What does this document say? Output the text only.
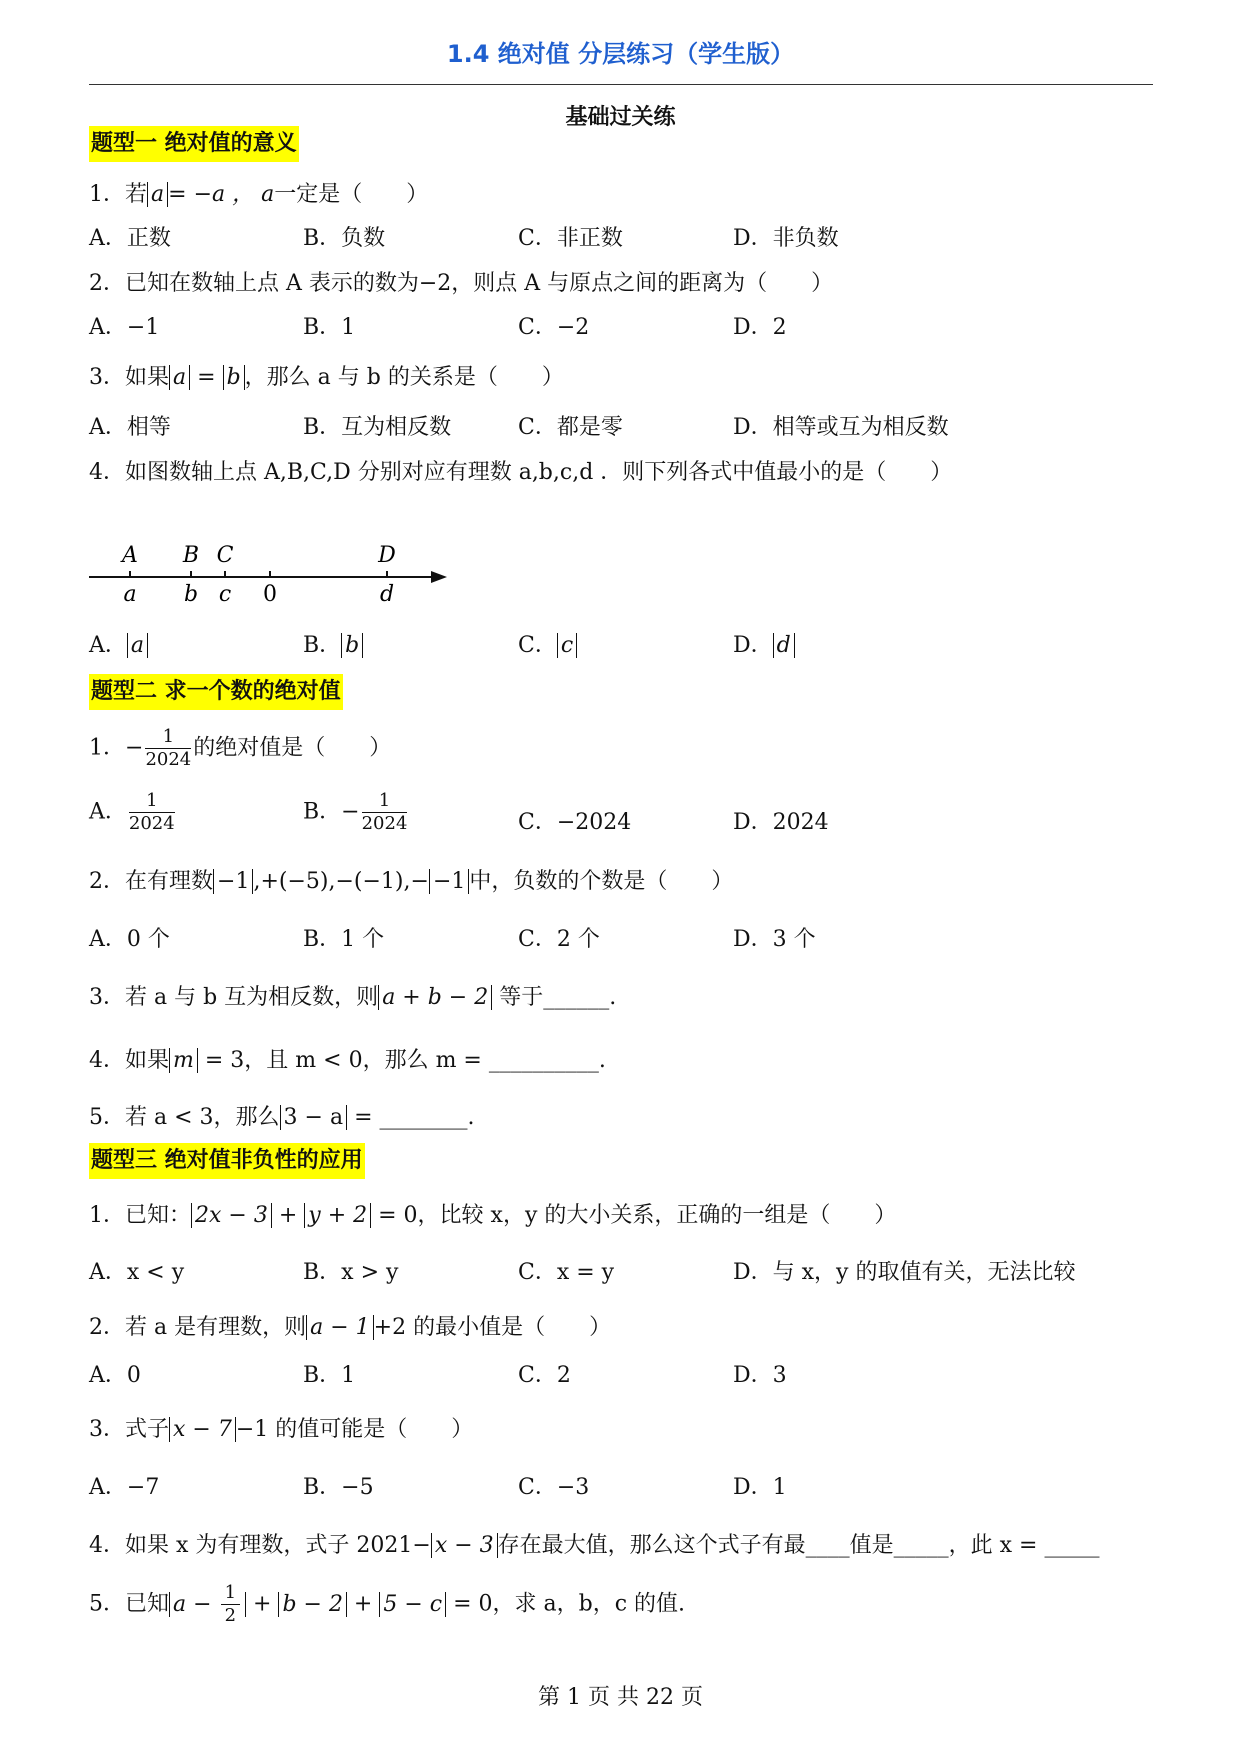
1.4 绝对值 分层练习（学生版）
基础过关练
题型一 绝对值的意义
1．若 a = −a ， a一定是（　　）
A．正数	B．负数	C．非正数	D．非负数
2．已知在数轴上点 A 表示的数为−2，则点 A 与原点之间的距离为（　　）
A．−1	B．1	C．−2	D．2
3．如果 a = b ，那么 a 与 b 的关系是（　　）
A．相等	B．互为相反数	C．都是零	D．相等或互为相反数
4．如图数轴上点 A,B,C,D 分别对应有理数 a,b,c,d ．则下列各式中值最小的是（　　）
A B C	D
a b c 0	d
A． a	B． b	C． c	D． d
题型二 求一个数的绝对值
1．− $\frac{1}{2024}$ 的绝对值是（　　）
A． $\frac{1}{2024}$	B．− $\frac{1}{2024}$	C．−2024	D．2024
2．在有理数 −1 ,+(−5),−(−1),− −1 中，负数的个数是（　　）
A．0 个	B．1 个	C．2 个	D．3 个
3．若 a 与 b 互为相反数，则 a + b − 2 等于______.
4．如果 m = 3，且 m < 0，那么 m = __________.
5．若 a < 3，那么 3 − a = ________.
题型三 绝对值非负性的应用
1．已知： 2x − 3 + y + 2 = 0，比较 x，y 的大小关系，正确的一组是（　　）
A．x < y	B．x > y	C．x = y	D．与 x，y 的取值有关，无法比较
2．若 a 是有理数，则 a − 1 +2 的最小值是（　　）
A．0	B．1	C．2	D．3
3．式子 x − 7 −1 的值可能是（　　）
A．−7	B．−5	C．−3	D．1
4．如果 x 为有理数，式子 2021− x − 3 存在最大值，那么这个式子有最____值是_____，此 x = _____
5．已知 $a - \frac{1}{2} + b - 2 + 5 - c = 0$，求 a，b，c 的值.
第 1 页 共 22 页
